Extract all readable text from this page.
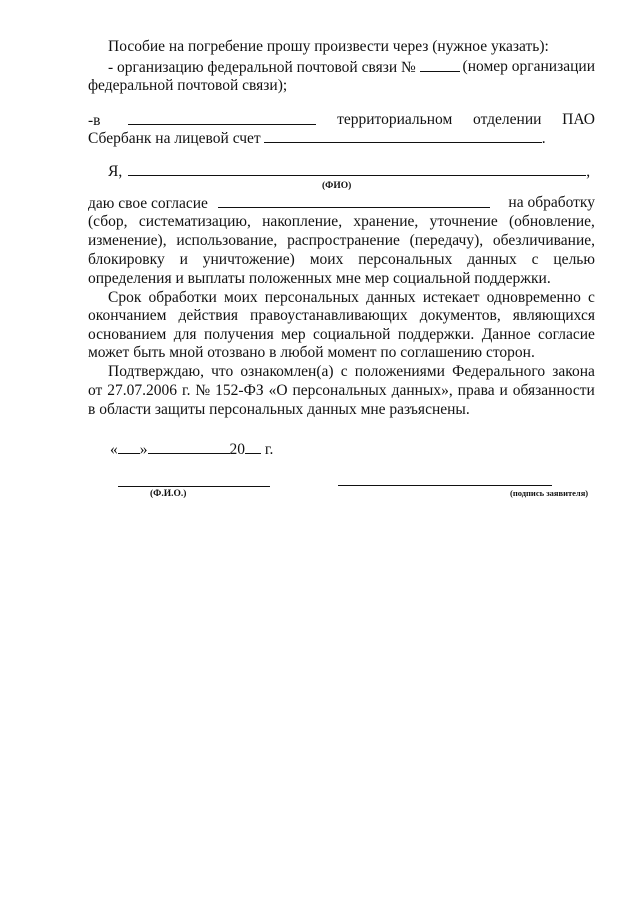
Пособие на погребение прошу произвести через (нужное указать):
- организацию федеральной почтовой связи №	(номер организации
федеральной почтовой связи);
-в	территориальном отделении ПАО
Сбербанк на лицевой счет	.
Я,	,
(ФИО)
даю свое согласие	на обработку
(сбор, систематизацию, накопление, хранение, уточнение (обновление,
изменение), использование, распространение (передачу), обезличивание,
блокировку и уничтожение) моих персональных данных с целью
определения и выплаты положенных мне мер социальной поддержки.
Срок обработки моих персональных данных истекает одновременно с
окончанием действия правоустанавливающих документов, являющихся
основанием для получения мер социальной поддержки. Данное согласие
может быть мной отозвано в любой момент по соглашению сторон.
Подтверждаю, что ознакомлен(а) с положениями Федерального закона
от 27.07.2006 г. № 152-ФЗ «О персональных данных», права и обязанности
в области защиты персональных данных мне разъяснены.
« »	20 г.
(Ф.И.О.)	(подпись заявителя)
